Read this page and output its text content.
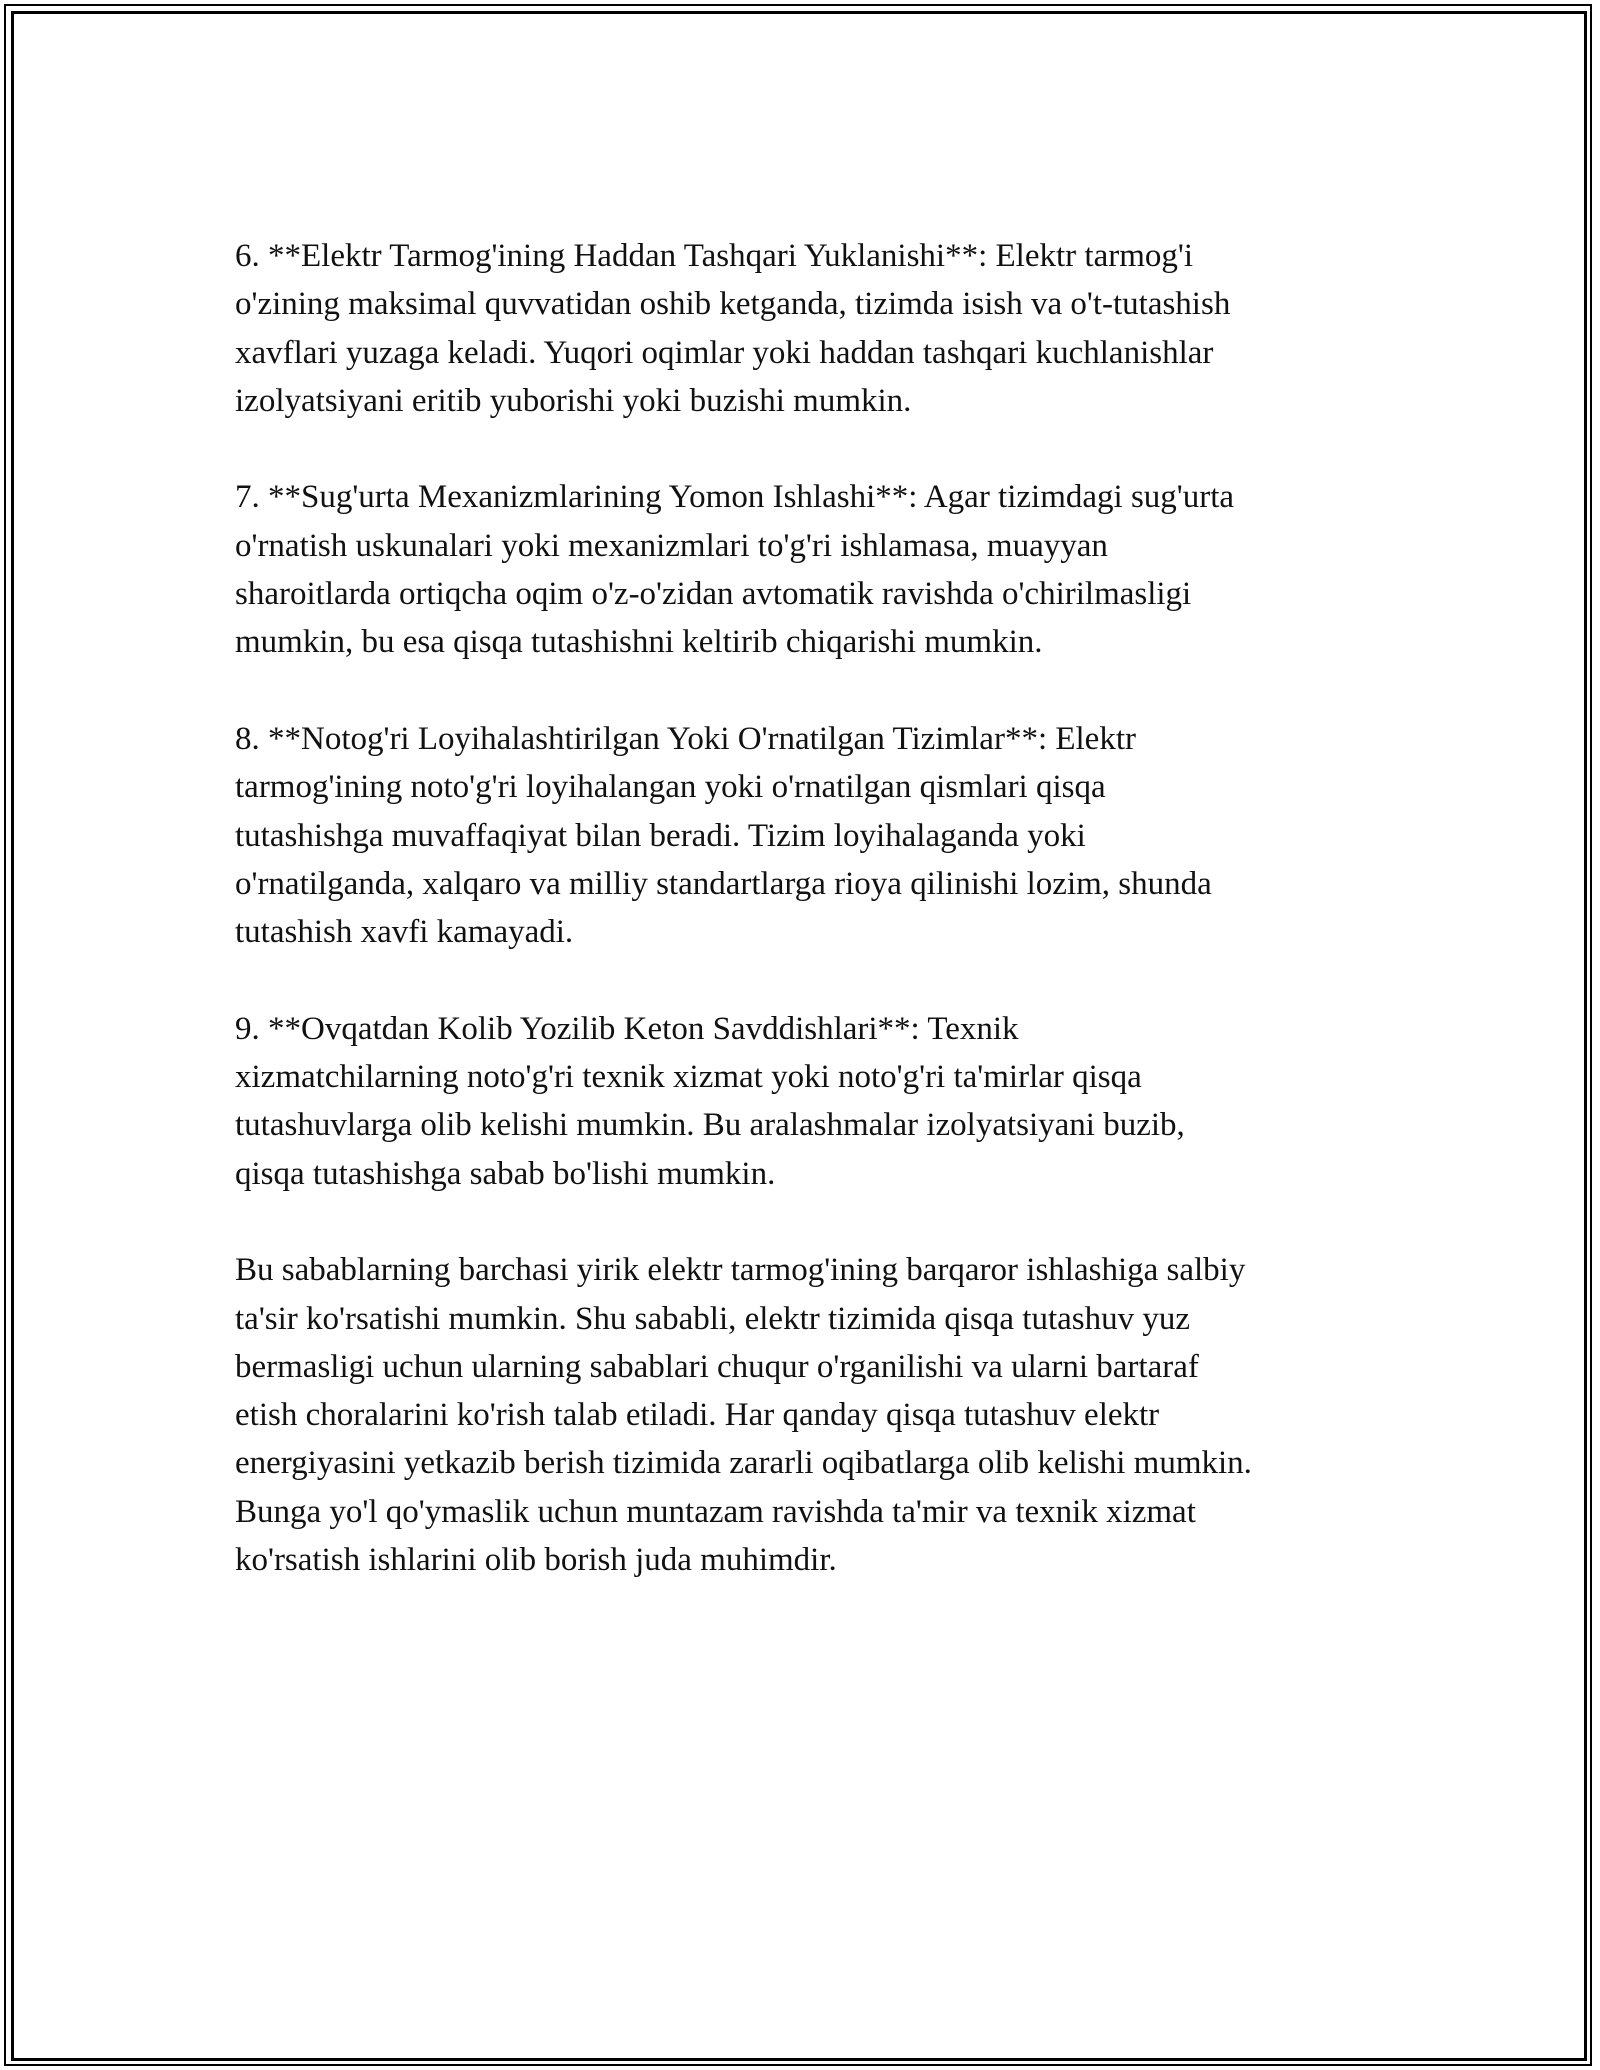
6. **Elektr Tarmog'ining Haddan Tashqari Yuklanishi**: Elektr tarmog'i
o'zining maksimal quvvatidan oshib ketganda, tizimda isish va o't-tutashish
xavflari yuzaga keladi. Yuqori oqimlar yoki haddan tashqari kuchlanishlar
izolyatsiyani eritib yuborishi yoki buzishi mumkin.

7. **Sug'urta Mexanizmlarining Yomon Ishlashi**: Agar tizimdagi sug'urta
o'rnatish uskunalari yoki mexanizmlari to'g'ri ishlamasa, muayyan
sharoitlarda ortiqcha oqim o'z-o'zidan avtomatik ravishda o'chirilmasligi
mumkin, bu esa qisqa tutashishni keltirib chiqarishi mumkin.

8. **Notog'ri Loyihalashtirilgan Yoki O'rnatilgan Tizimlar**: Elektr
tarmog'ining noto'g'ri loyihalangan yoki o'rnatilgan qismlari qisqa
tutashishga muvaffaqiyat bilan beradi. Tizim loyihalaganda yoki
o'rnatilganda, xalqaro va milliy standartlarga rioya qilinishi lozim, shunda
tutashish xavfi kamayadi.

9. **Ovqatdan Kolib Yozilib Keton Savddishlari**: Texnik
xizmatchilarning noto'g'ri texnik xizmat yoki noto'g'ri ta'mirlar qisqa
tutashuvlarga olib kelishi mumkin. Bu aralashmalar izolyatsiyani buzib,
qisqa tutashishga sabab bo'lishi mumkin.

Bu sabablarning barchasi yirik elektr tarmog'ining barqaror ishlashiga salbiy
ta'sir ko'rsatishi mumkin. Shu sababli, elektr tizimida qisqa tutashuv yuz
bermasligi uchun ularning sabablari chuqur o'rganilishi va ularni bartaraf
etish choralarini ko'rish talab etiladi. Har qanday qisqa tutashuv elektr
energiyasini yetkazib berish tizimida zararli oqibatlarga olib kelishi mumkin.
Bunga yo'l qo'ymaslik uchun muntazam ravishda ta'mir va texnik xizmat
ko'rsatish ishlarini olib borish juda muhimdir.
